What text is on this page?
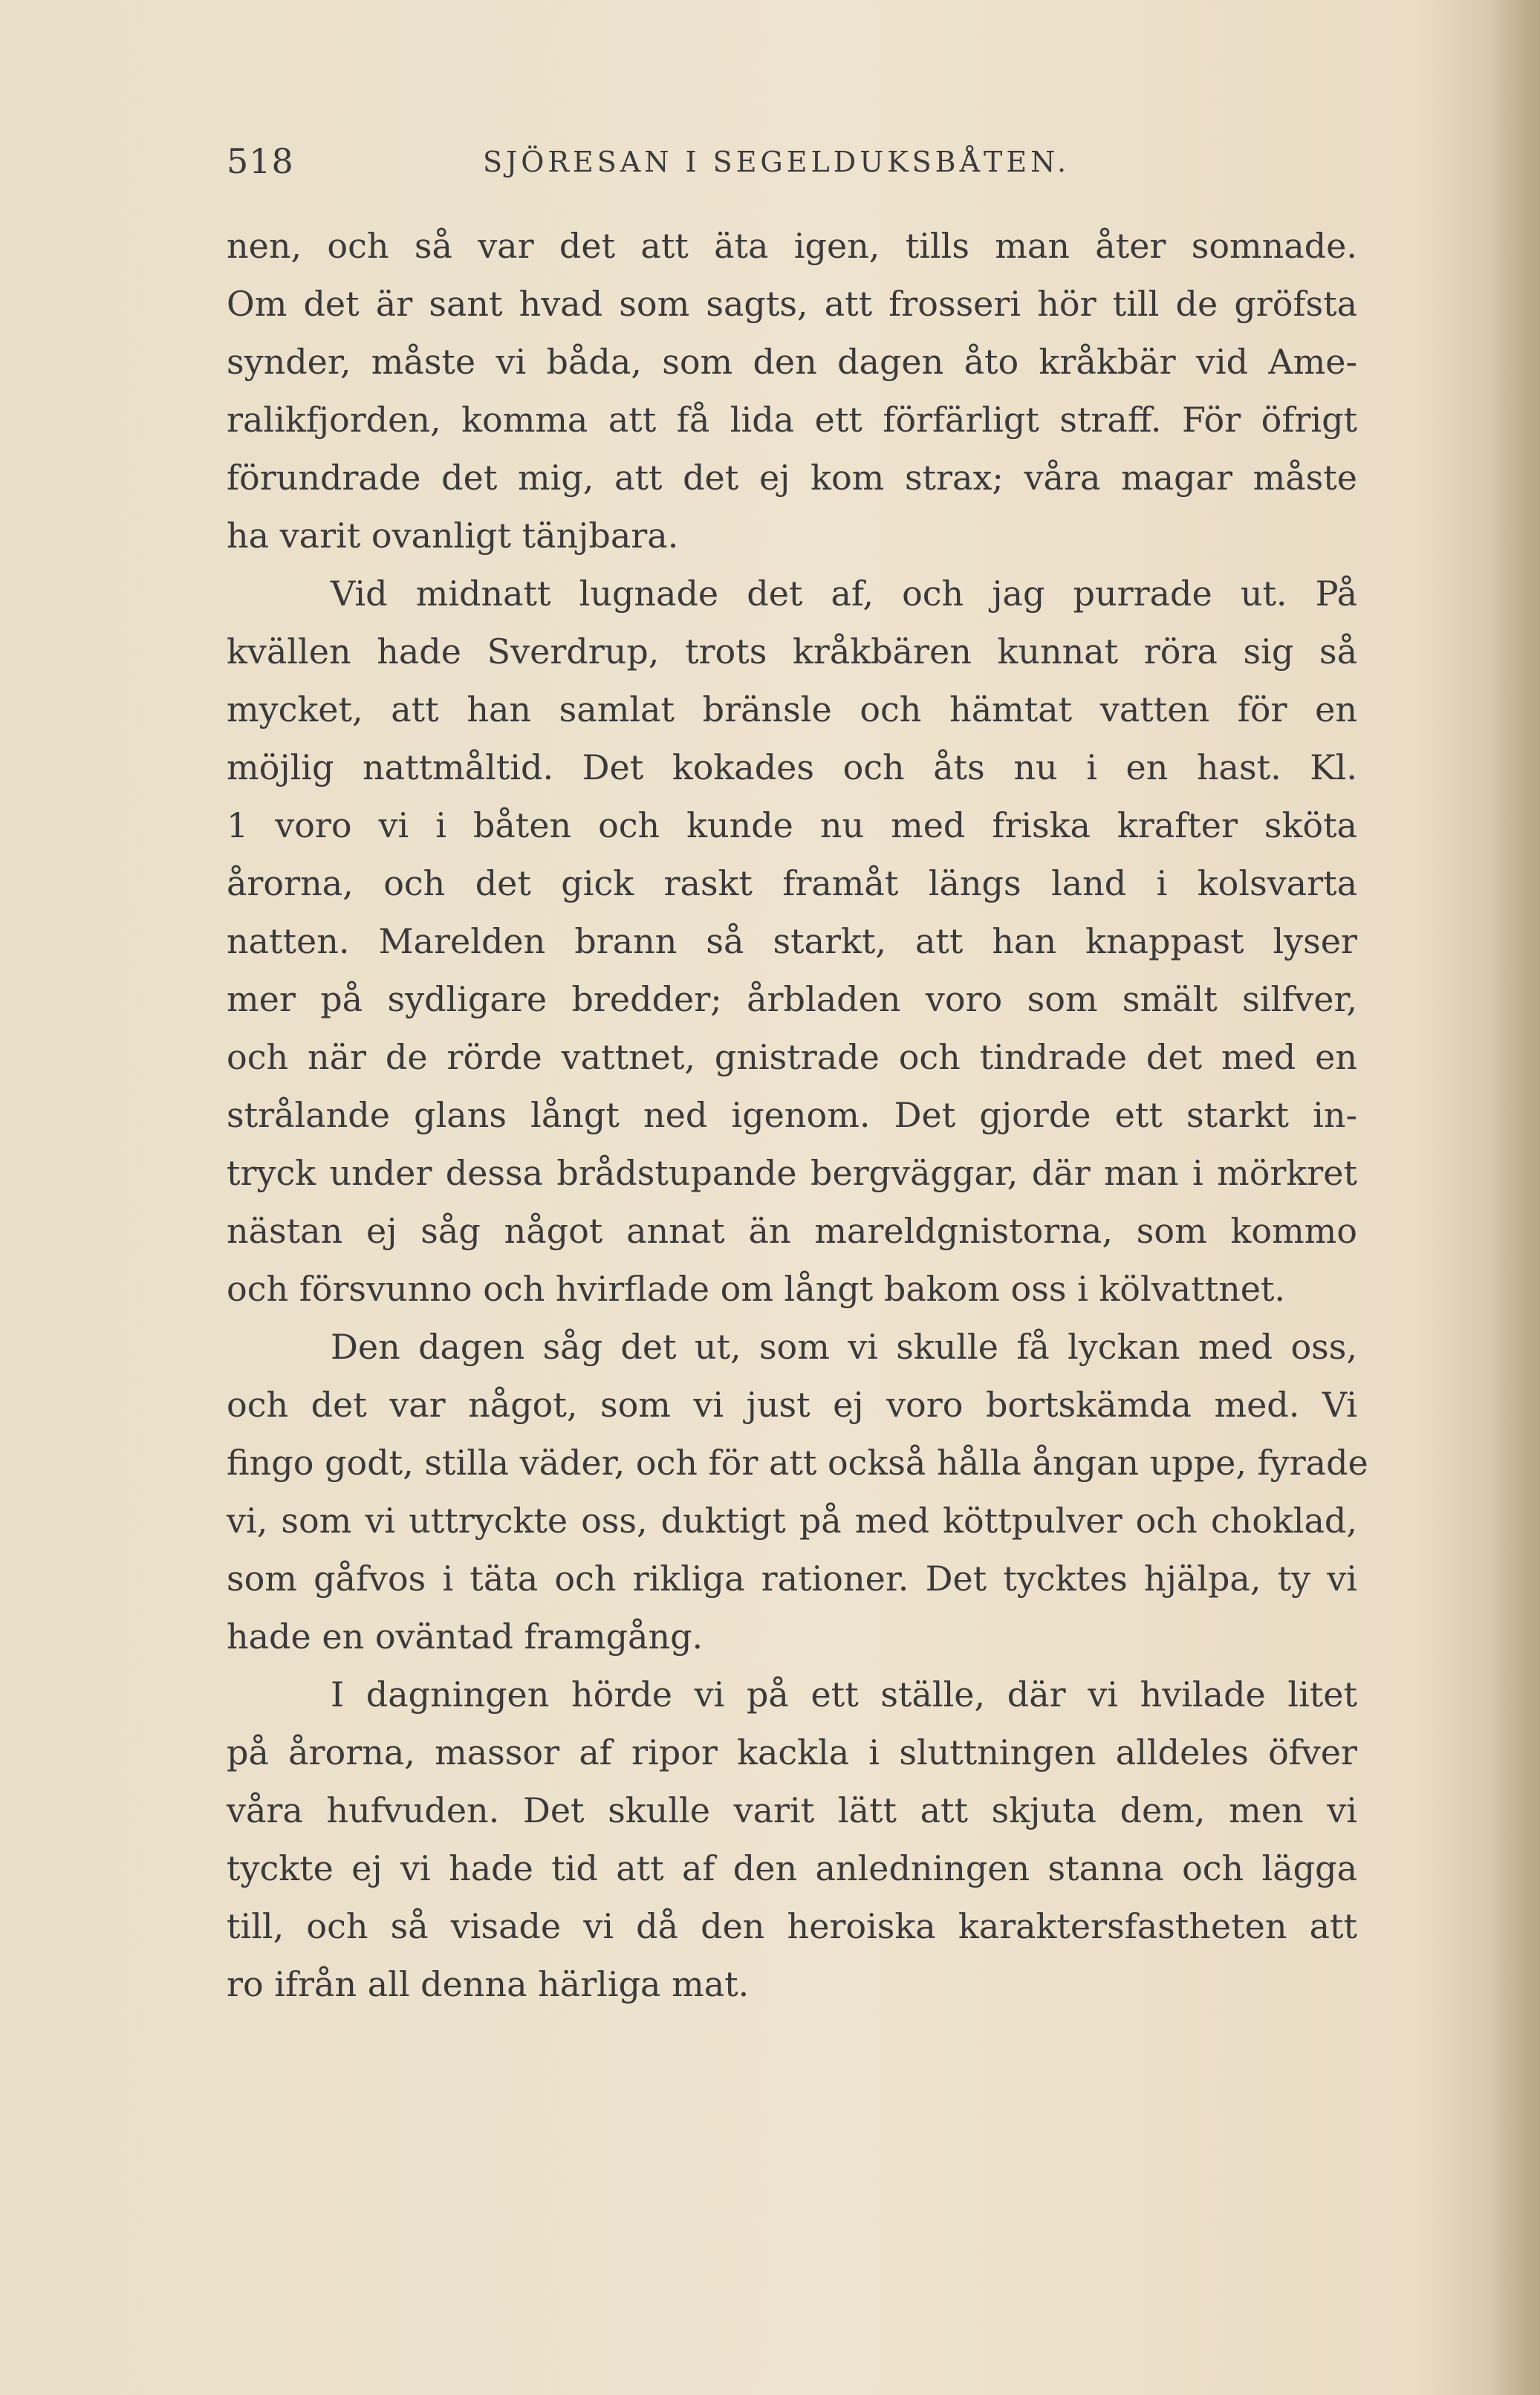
518	SJÖRESAN I SEGELDUKSBÅTEN.
nen, och så var det att äta igen, tills man åter somnade.
Om det är sant hvad som sagts, att frosseri hör till de gröfsta
synder, måste vi båda, som den dagen åto kråkbär vid Ame-
ralikfjorden, komma att få lida ett förfärligt straff. För öfrigt
förundrade det mig, att det ej kom strax; våra magar måste
ha varit ovanligt tänjbara.
Vid midnatt lugnade det af, och jag purrade ut. På
kvällen hade Sverdrup, trots kråkbären kunnat röra sig så
mycket, att han samlat bränsle och hämtat vatten för en
möjlig nattmåltid. Det kokades och åts nu i en hast. Kl.
1 voro vi i båten och kunde nu med friska krafter sköta
årorna, och det gick raskt framåt längs land i kolsvarta
natten. Marelden brann så starkt, att han knappast lyser
mer på sydligare bredder; årbladen voro som smält silfver,
och när de rörde vattnet, gnistrade och tindrade det med en
strålande glans långt ned igenom. Det gjorde ett starkt in-
tryck under dessa brådstupande bergväggar, där man i mörkret
nästan ej såg något annat än mareldgnistorna, som kommo
och försvunno och hvirflade om långt bakom oss i kölvattnet.
Den dagen såg det ut, som vi skulle få lyckan med oss,
och det var något, som vi just ej voro bortskämda med. Vi
fingo godt, stilla väder, och för att också hålla ångan uppe, fyrade
vi, som vi uttryckte oss, duktigt på med köttpulver och choklad,
som gåfvos i täta och rikliga rationer. Det tycktes hjälpa, ty vi
hade en oväntad framgång.
I dagningen hörde vi på ett ställe, där vi hvilade litet
på årorna, massor af ripor kackla i sluttningen alldeles öfver
våra hufvuden. Det skulle varit lätt att skjuta dem, men vi
tyckte ej vi hade tid att af den anledningen stanna och lägga
till, och så visade vi då den heroiska karaktersfastheten att
ro ifrån all denna härliga mat.
